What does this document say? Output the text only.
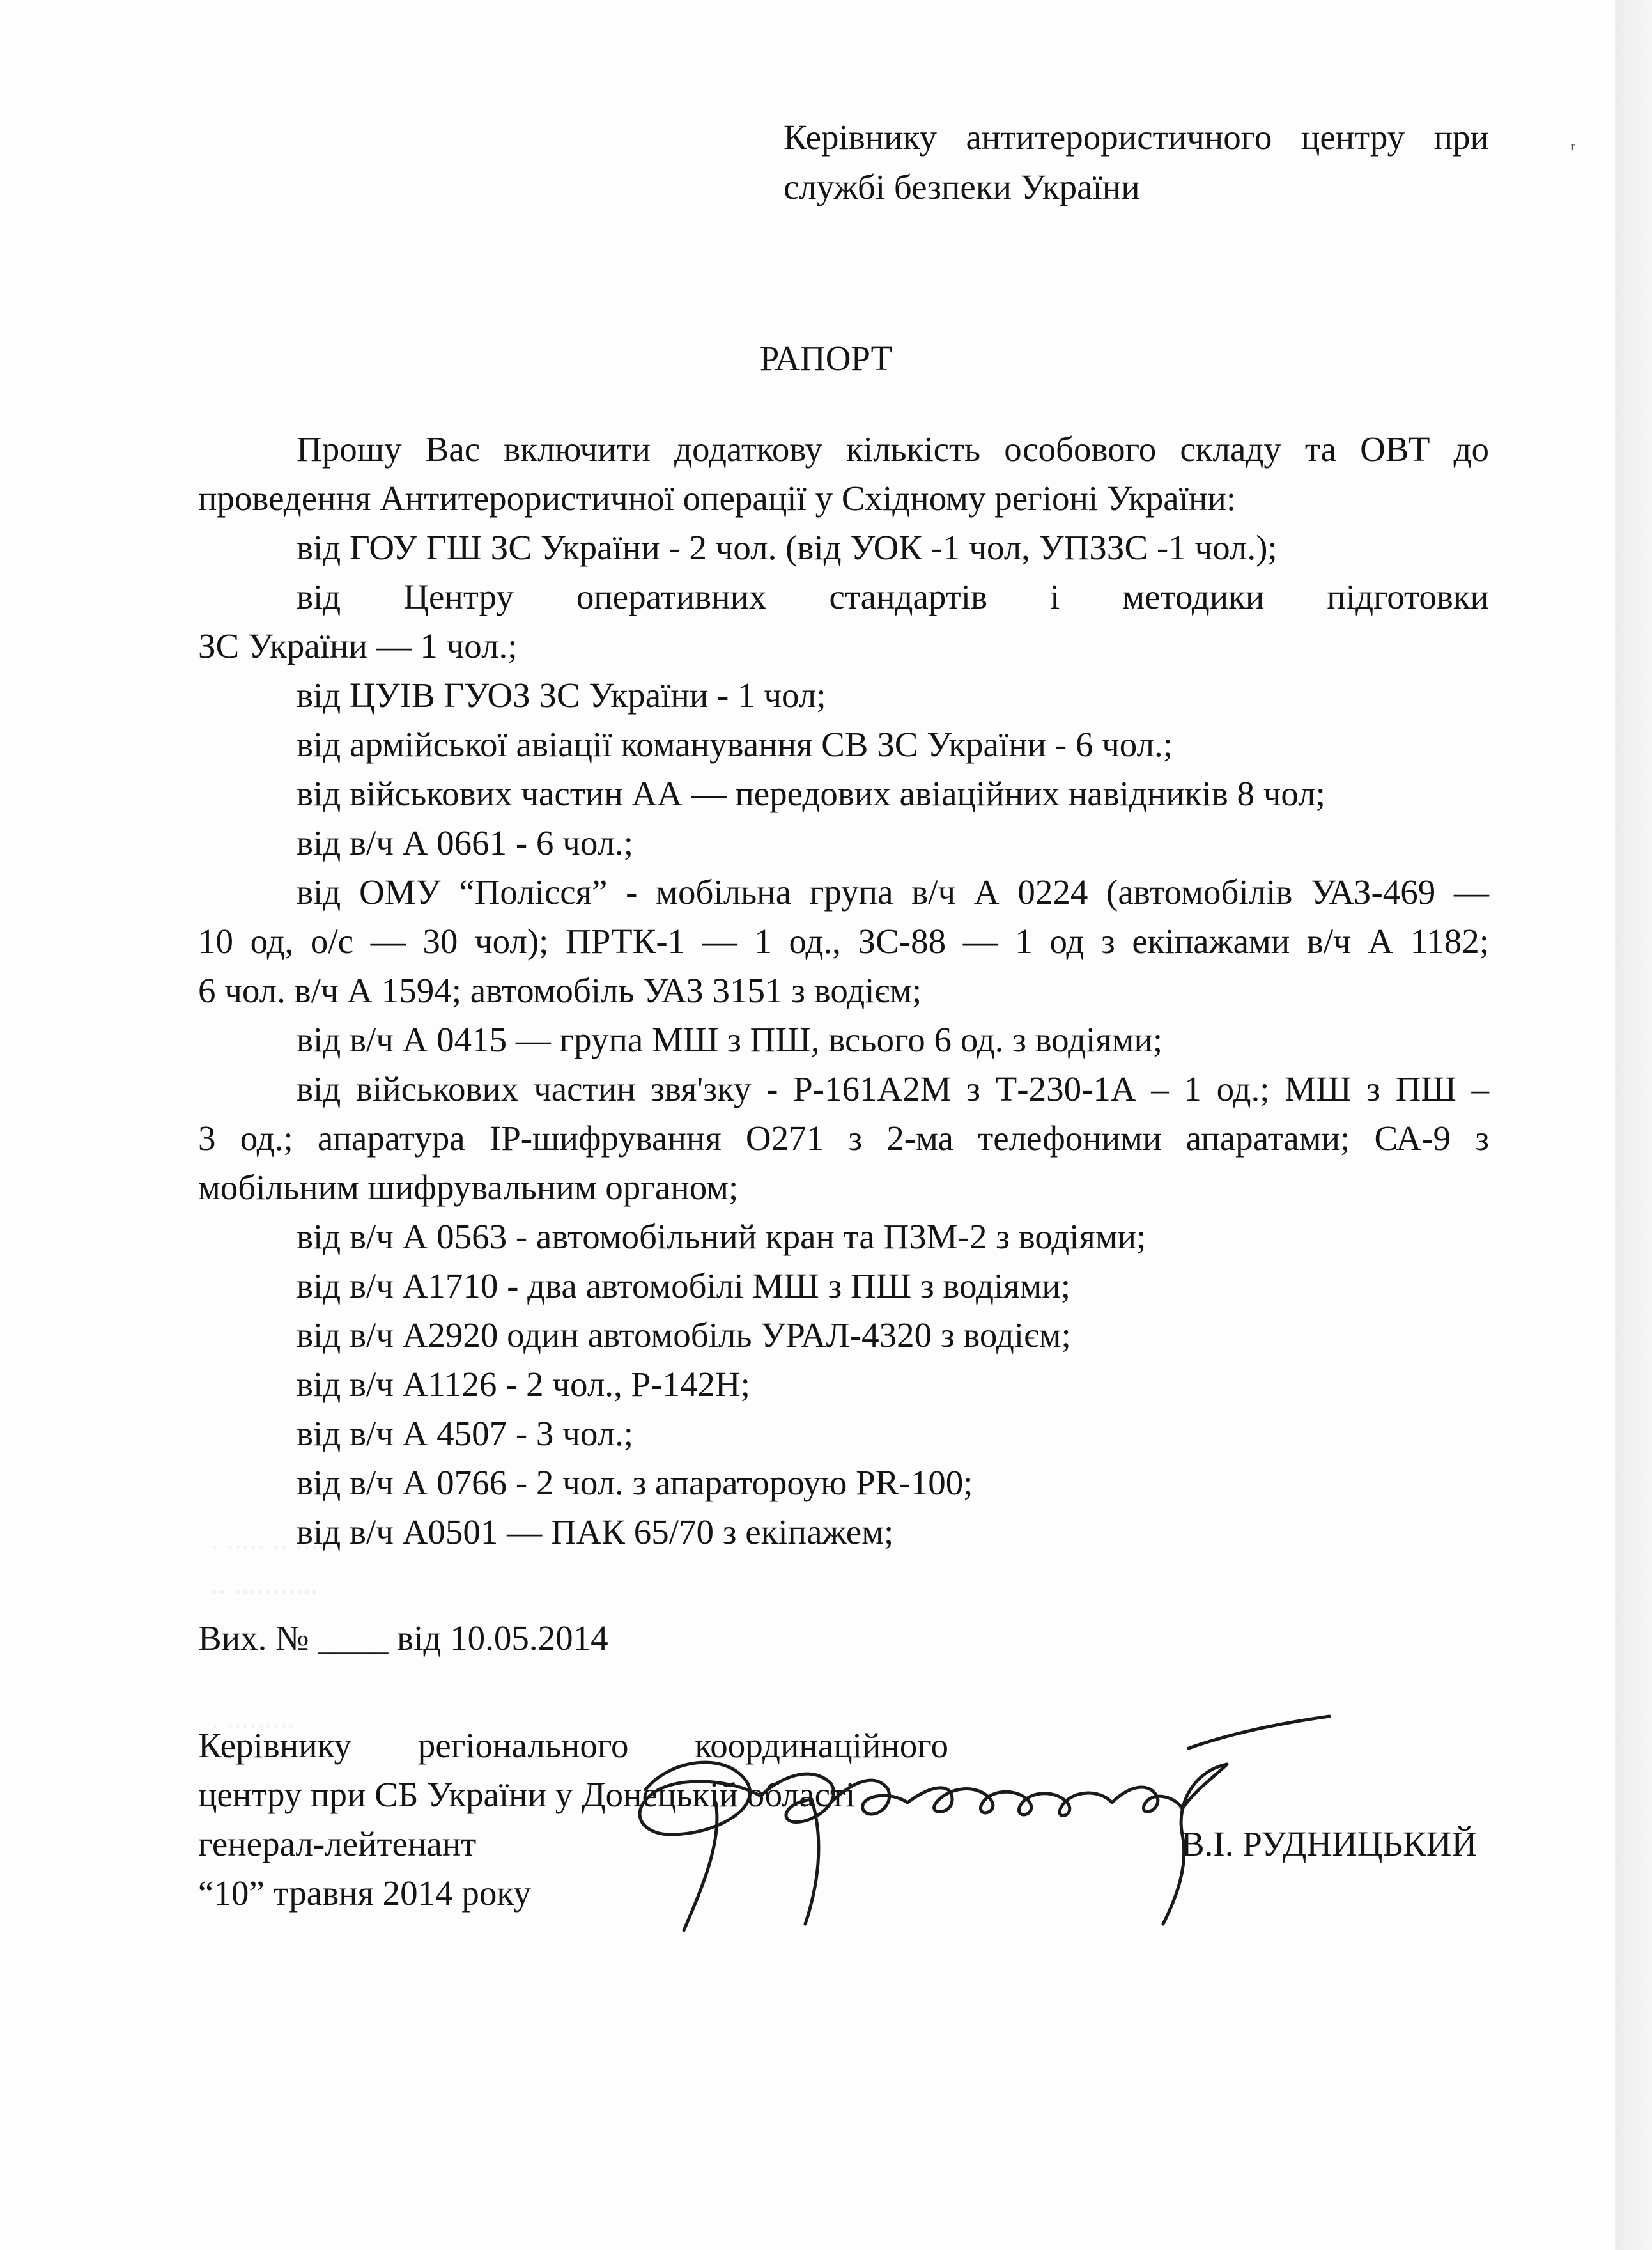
. ..... .. .....
.. ...........
. .........
ᵣ
Керівнику антитерористичного центру при
службі безпеки України
РАПОРТ
Прошу Вас включити додаткову кількість особового складу та ОВТ до
проведення Антитерористичної операції у Східному регіоні України:
від ГОУ ГШ ЗС України - 2 чол. (від УОК -1 чол, УПЗЗС -1 чол.);
від Центру оперативних стандартів і методики підготовки
ЗС України — 1 чол.;
від ЦУІВ ГУОЗ ЗС України - 1 чол;
від армійської авіації команування СВ ЗС України - 6 чол.;
від військових частин АА — передових авіаційних навідників 8 чол;
від в/ч А 0661 - 6 чол.;
від ОМУ “Полісся” - мобільна група в/ч А 0224 (автомобілів УАЗ-469 —
10 од, о/с — 30 чол); ПРТК-1 — 1 од., ЗС-88 — 1 од з екіпажами в/ч А 1182;
6 чол. в/ч А 1594; автомобіль УАЗ 3151 з водієм;
від в/ч А 0415 — група МШ з ПШ, всього 6 од. з водіями;
від військових частин звя'зку - Р-161А2М з Т-230-1А – 1 од.; МШ з ПШ –
3 од.; апаратура IP-шифрування О271 з 2-ма телефоними апаратами; СА-9 з
мобільним шифрувальним органом;
від в/ч А 0563 - автомобільний кран та ПЗМ-2 з водіями;
від в/ч А1710 - два автомобілі МШ з ПШ з водіями;
від в/ч А2920 один автомобіль УРАЛ-4320 з водієм;
від в/ч А1126 - 2 чол., Р-142Н;
від в/ч А 4507 - 3 чол.;
від в/ч А 0766 - 2 чол. з апаратороую PR-100;
від в/ч А0501 — ПАК 65/70 з екіпажем;
Вих. № ____ від 10.05.2014
Керівнику регіонального координаційного
центру при СБ України у Донецькій області
генерал-лейтенант
“10” травня 2014 року
В.І. РУДНИЦЬКИЙ
